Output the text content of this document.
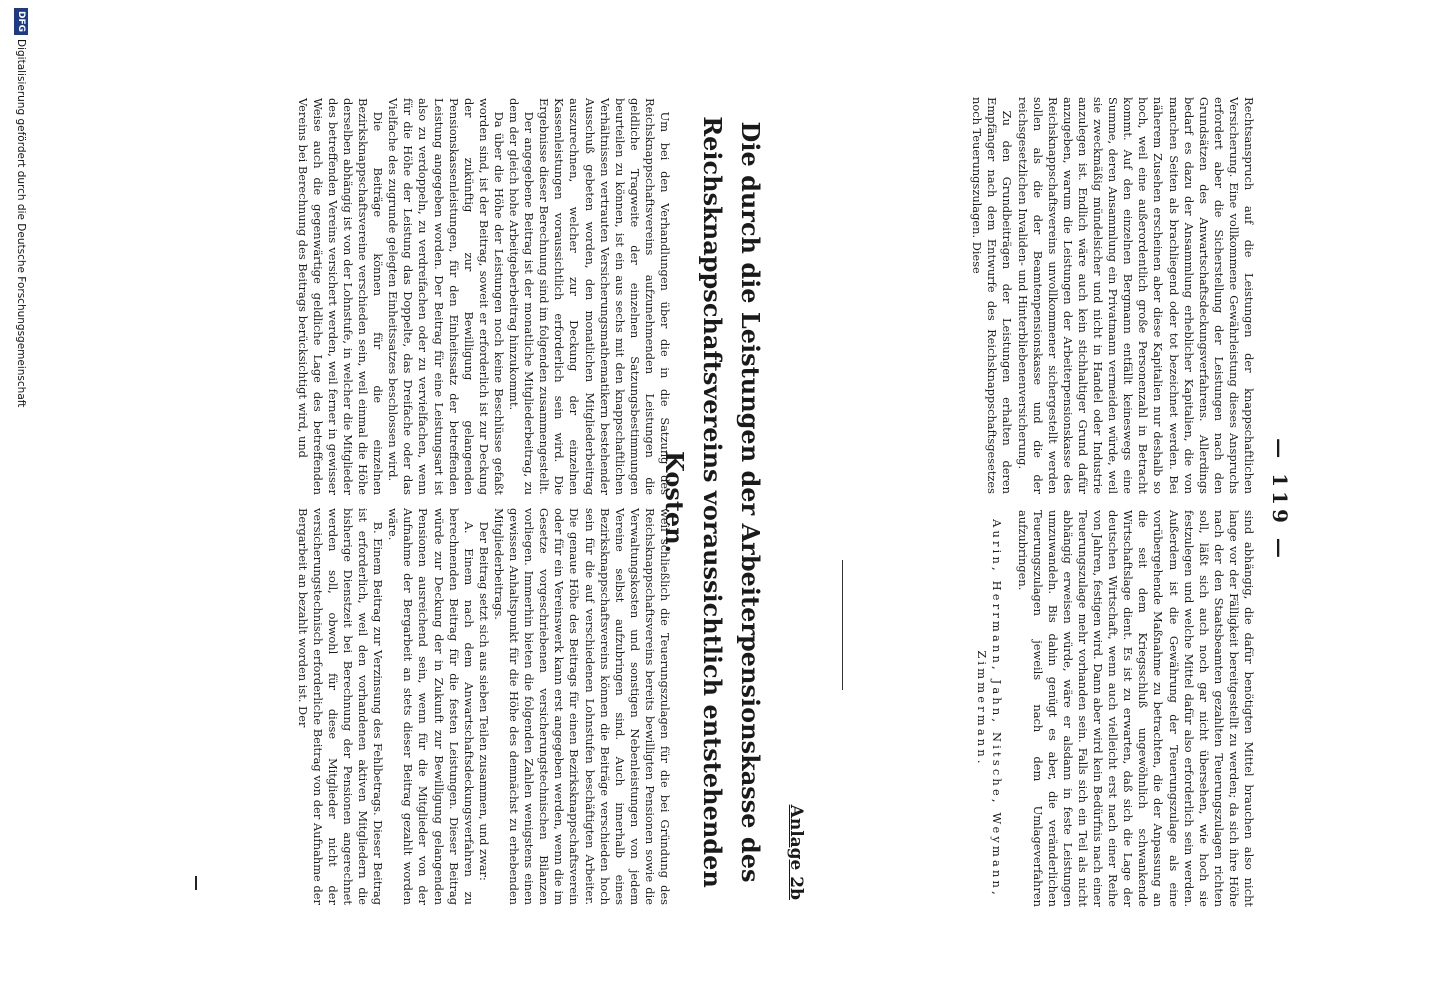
— 119 —

Rechtsanspruch auf die Leistungen der knappschaftlichen Versicherung. Eine vollkommene Gewährleistung dieses Anspruchs erfordert aber die Sicherstellung der Leistungen nach den Grundsätzen des Anwartschaftsdeckungsverfahrens. Allerdings bedarf es dazu der Ansammlung erheblicher Kapitalien, die von manchen Seiten als brachliegend oder tot bezeichnet werden. Bei näherem Zusehen erscheinen aber diese Kapitalien nur deshalb so hoch, weil eine außerordentlich große Personenzahl in Betracht kommt. Auf den einzelnen Bergmann entfällt keineswegs eine Summe, deren Ansammlung ein Privatmann vermeiden würde, weil sie zweckmäßig mündelsicher und nicht in Handel oder Industrie anzulegen ist. Endlich wäre auch kein stichhaltiger Grund dafür anzugeben, warum die Leistungen der Arbeiterpensionskasse des Reichsknappschaftsvereins unvollkommener sichergestellt werden sollen als die der Beamtenpensionskasse und die der reichsgesetzlichen Invaliden- und Hinterbliebenenversicherung.

Zu den Grundbeiträgen der Leistungen erhalten deren Empfänger nach dem Entwurfe des Reichsknappschaftsgesetzes noch Teuerungszulagen. Diese

sind abhängig, die dafür benötigten Mittel brauchen also nicht lange vor der Fälligkeit bereitgestellt zu werden; da sich ihre Höhe nach der den Staatsbeamten gezahlten Teuerungszulagen richten soll, läßt sich auch noch gar nicht übersehen, wie hoch sie festzulegen und welche Mittel dafür also erforderlich sein werden. Außerdem ist die Gewährung der Teuerungszulage als eine vorübergehende Maßnahme zu betrachten, die der Anpassung an die seit dem Kriegsschluß ungewöhnlich schwankende Wirtschaftslage dient. Es ist zu erwarten, daß sich die Lage der deutschen Wirtschaft, wenn auch vielleicht erst nach einer Reihe von Jahren, festigen wird. Dann aber wird kein Bedürfnis nach einer Teuerungszulage mehr vorhanden sein. Falls sich ein Teil als nicht abhängig erweisen würde, wäre er alsdann in feste Leistungen umzuwandeln. Bis dahin genügt es aber, die veränderlichen Teuerungszulagen jeweils nach dem Umlageverfahren aufzubringen.

Aurin, Herrmann, Jahn, Nitsche, Weymann, Zimmermann.

Anlage 2b
Die durch die Leistungen der Arbeiterpensionskasse des Reichsknappschaftsvereins voraussichtlich entstehenden Kosten.

Um bei den Verhandlungen über die in die Satzung des Reichsknappschaftsvereins aufzunehmenden Leistungen die geldliche Tragweite der einzelnen Satzungsbestimmungen beurteilen zu können, ist ein aus sechs mit den knappschaftlichen Verhältnissen vertrauten Versicherungsmathematikern bestehender Ausschuß gebeten worden, den monatlichen Mitgliederbeitrag auszurechnen, welcher zur Deckung der einzelnen Kassenleistungen voraussichtlich erforderlich sein wird. Die Ergebnisse dieser Berechnung sind im folgenden zusammengestellt.

Der angegebene Beitrag ist der monatliche Mitgliederbeitrag, zu dem der gleich hohe Arbeitgeberbeitrag hinzukommt.

Da über die Höhe der Leistungen noch keine Beschlüsse gefaßt worden sind, ist der Beitrag, soweit er erforderlich ist zur Deckung der zukünftig zur Bewilligung gelangenden Pensionskassenleistungen, für den Einheitssatz der betreffenden Leistung angegeben worden. Der Beitrag für eine Leistungsart ist also zu verdoppeln, zu verdreifachen oder zu vervielfachen, wenn für die Höhe der Leistung das Doppelte, das Dreifache oder das Vielfache des zugrunde gelegten Einheitssatzes beschlossen wird.

Die Beiträge können für die einzelnen Bezirksknappschaftsvereine verschieden sein, weil einmal die Höhe derselben abhängig ist von der Lohnstufe, in welcher die Mitglieder des betreffenden Vereins versichert werden, weil ferner in gewisser Weise auch die gegenwärtige geldliche Lage des betreffenden Vereins bei Berechnung des Beitrags berücksichtigt wird, und

weil schließlich die Teuerungszulagen für die bei Gründung des Reichsknappschaftsvereins bereits bewilligten Pensionen sowie die Verwaltungskosten und sonstigen Nebenleistungen von jedem Vereine selbst aufzubringen sind. Auch innerhalb eines Bezirksknappschaftsvereins können die Beiträge verschieden hoch sein für die auf verschiedenen Lohnstufen beschäftigten Arbeiter. Die genaue Höhe des Beitrags für einen Bezirksknappschaftsverein oder für ein Vereinswerk kann erst angegeben werden, wenn die im Gesetze vorgeschriebenen versicherungstechnischen Bilanzen vorliegen. Immerhin bieten die folgenden Zahlen wenigstens einen gewissen Anhaltspunkt für die Höhe des demnächst zu erhebenden Mitgliederbeitrags.

Der Beitrag setzt sich aus sieben Teilen zusammen, und zwar:

A. Einem nach dem Anwartschaftsdeckungsverfahren zu berechnenden Beitrag für die festen Leistungen. Dieser Beitrag würde zur Deckung der in Zukunft zur Bewilligung gelangenden Pensionen ausreichend sein, wenn für die Mitglieder von der Aufnahme der Bergarbeit an stets dieser Beitrag gezahlt worden wäre.

B. Einem Beitrag zur Verzinsung des Fehlbetrags. Dieser Beitrag ist erforderlich, weil den vorhandenen aktiven Mitgliedern die bisherige Dienstzeit bei Berechnung der Pensionen angerechnet werden soll, obwohl für diese Mitglieder nicht der versicherungstechnisch erforderliche Beitrag von der Aufnahme der Bergarbeit an bezahlt worden ist. Der

DFGDigitalisierung gefördert durch die Deutsche Forschungsgemeinschaft
